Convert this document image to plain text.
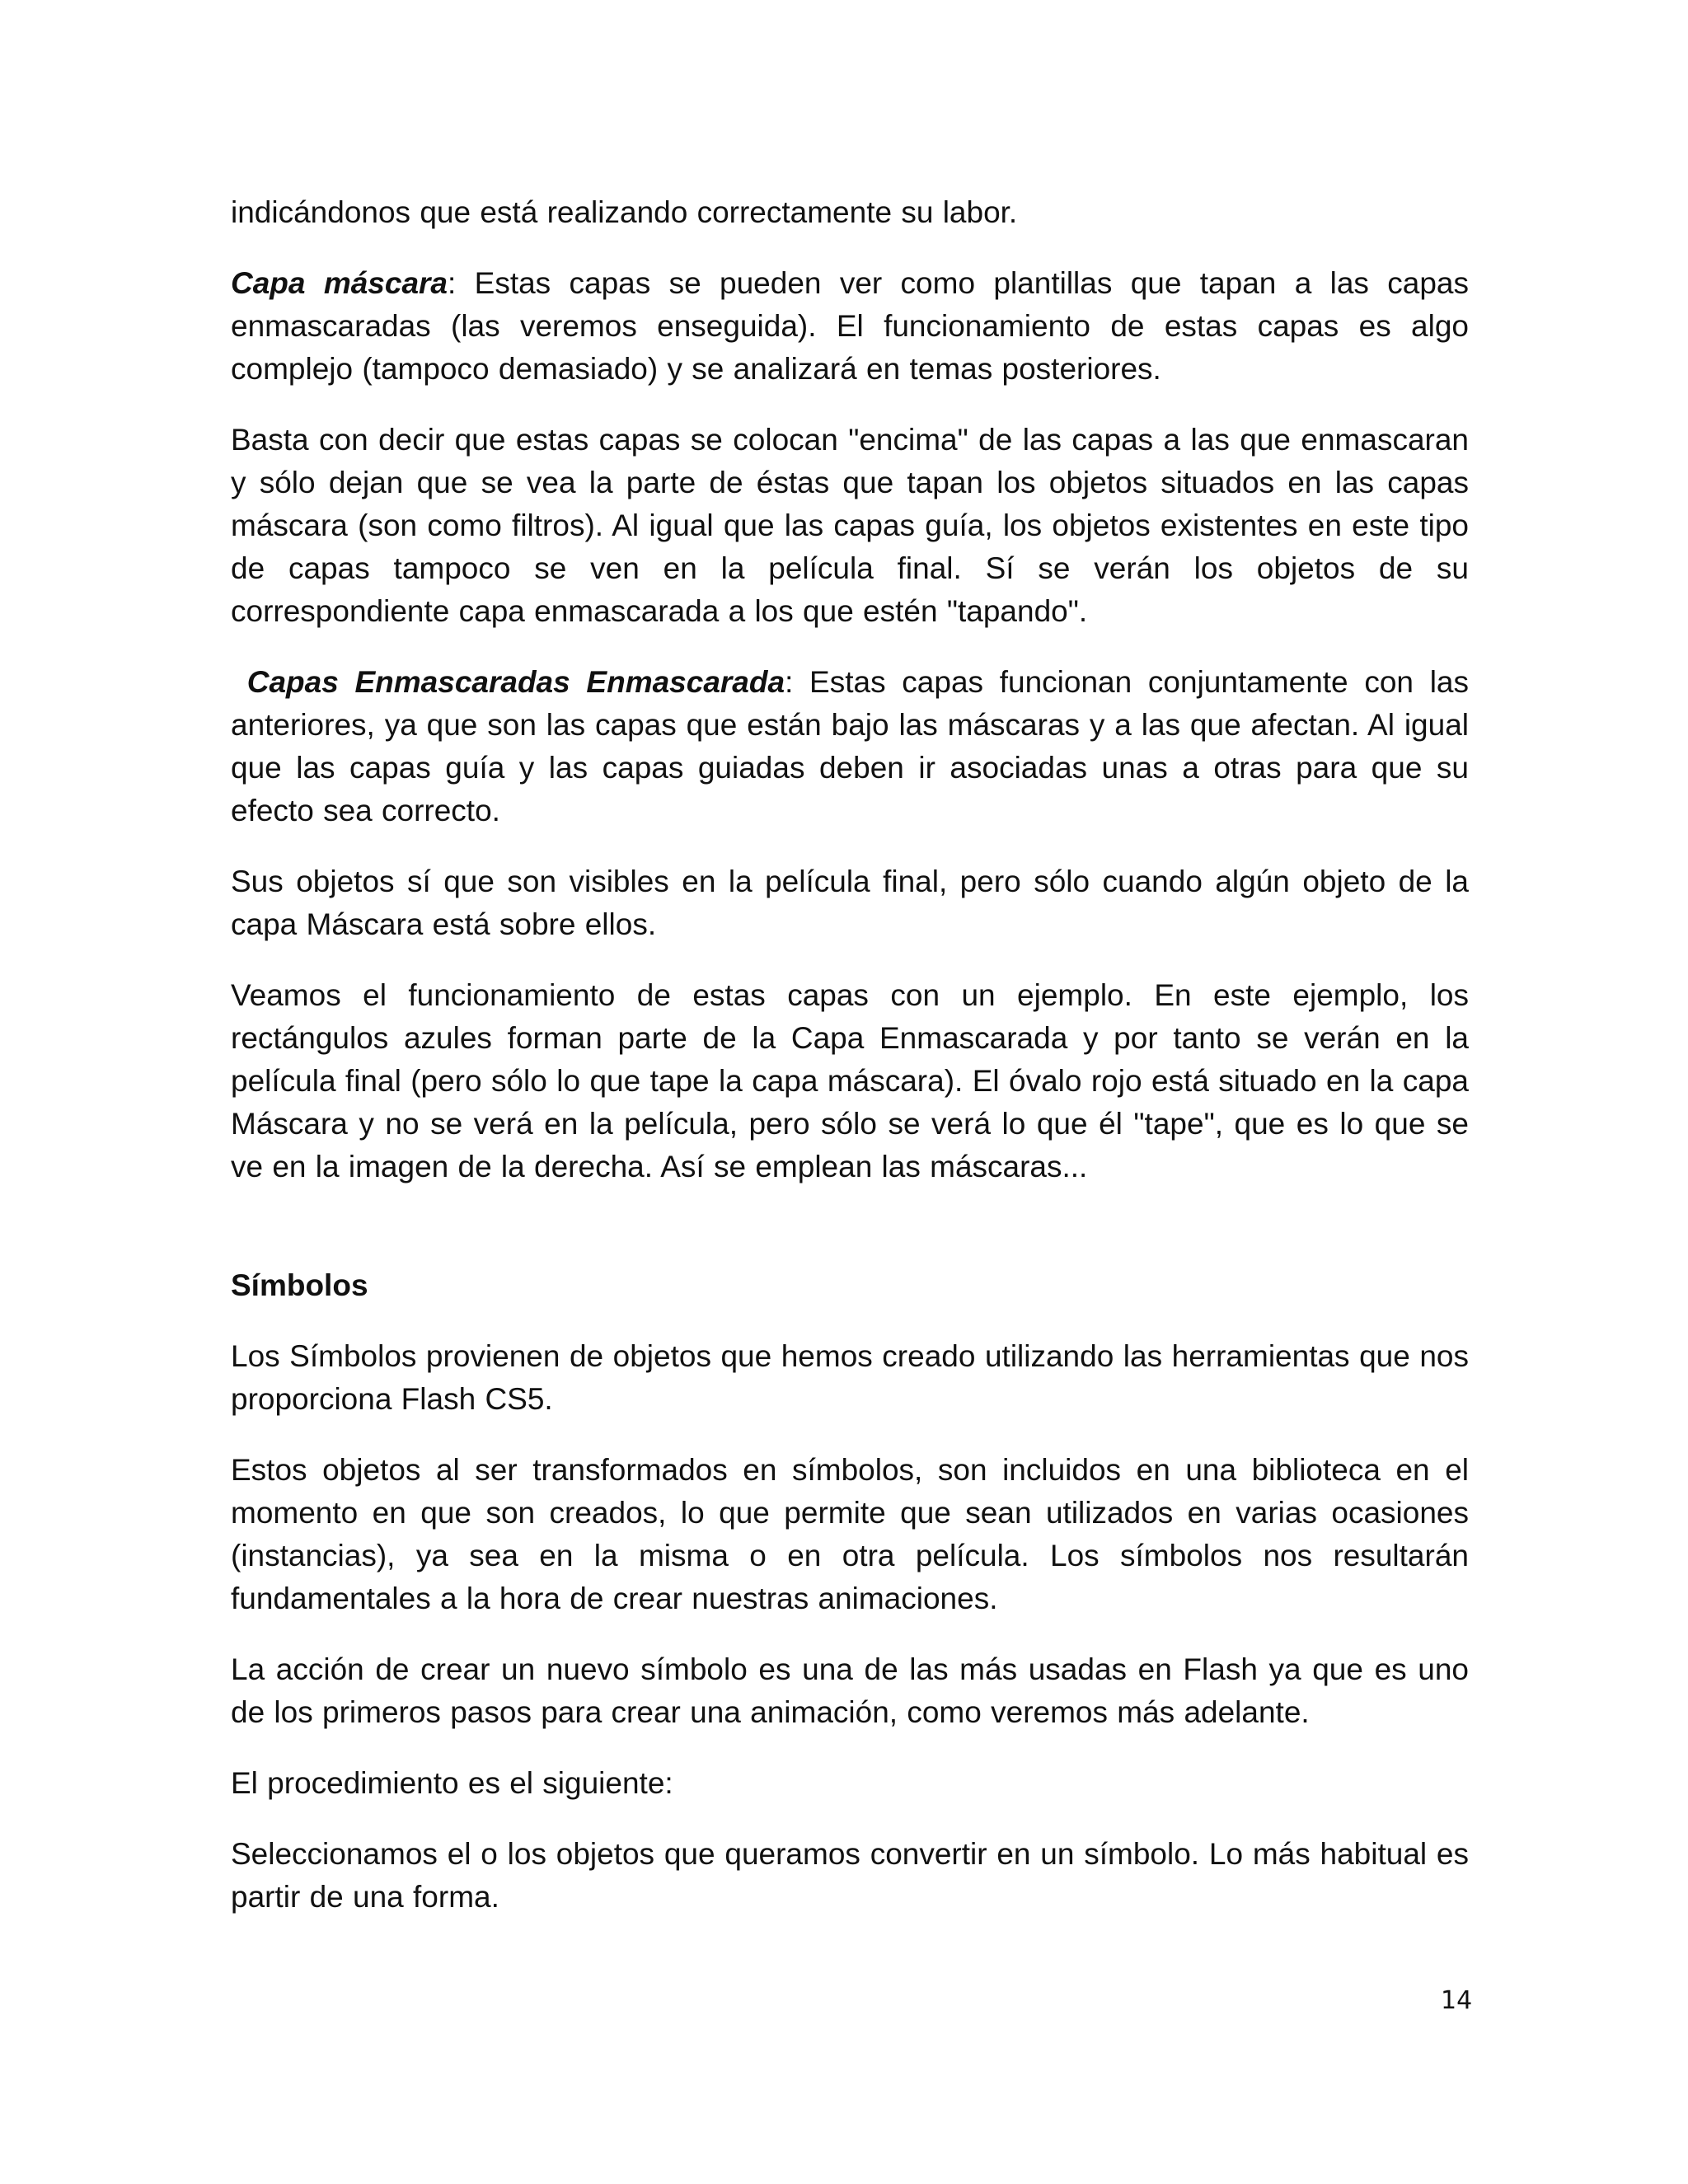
indicándonos que está realizando correctamente su labor.

Capa máscara: Estas capas se pueden ver como plantillas que tapan a las capas enmascaradas (las veremos enseguida). El funcionamiento de estas capas es algo complejo (tampoco demasiado) y se analizará en temas posteriores.

Basta con decir que estas capas se colocan "encima" de las capas a las que enmascaran y sólo dejan que se vea la parte de éstas que tapan los objetos situados en las capas máscara (son como filtros). Al igual que las capas guía, los objetos existentes en este tipo de capas tampoco se ven en la película final. Sí se verán los objetos de su correspondiente capa enmascarada a los que estén "tapando".

Capas Enmascaradas Enmascarada: Estas capas funcionan conjuntamente con las anteriores, ya que son las capas que están bajo las máscaras y a las que afectan. Al igual que las capas guía y las capas guiadas deben ir asociadas unas a otras para que su efecto sea correcto.

Sus objetos sí que son visibles en la película final, pero sólo cuando algún objeto de la capa Máscara está sobre ellos.

Veamos el funcionamiento de estas capas con un ejemplo. En este ejemplo, los rectángulos azules forman parte de la Capa Enmascarada y por tanto se verán en la película final (pero sólo lo que tape la capa máscara). El óvalo rojo está situado en la capa Máscara y no se verá en la película, pero sólo se verá lo que él "tape", que es lo que se ve en la imagen de la derecha. Así se emplean las máscaras...

Símbolos

Los Símbolos provienen de objetos que hemos creado utilizando las herramientas que nos proporciona Flash CS5.

Estos objetos al ser transformados en símbolos, son incluidos en una biblioteca en el momento en que son creados, lo que permite que sean utilizados en varias ocasiones (instancias), ya sea en la misma o en otra película. Los símbolos nos resultarán fundamentales a la hora de crear nuestras animaciones.

La acción de crear un nuevo símbolo es una de las más usadas en Flash ya que es uno de los primeros pasos para crear una animación, como veremos más adelante.

El procedimiento es el siguiente:

Seleccionamos el o los objetos que queramos convertir en un símbolo. Lo más habitual es partir de una forma.

14
